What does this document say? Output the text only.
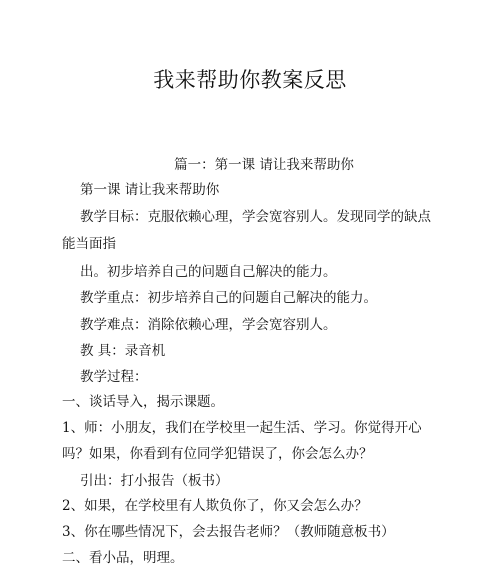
我来帮助你教案反思
篇一：第一课 请让我来帮助你
第一课 请让我来帮助你
教学目标：克服依赖心理，学会宽容别人。发现同学的缺点
能当面指
出。初步培养自己的问题自己解决的能力。
教学重点：初步培养自己的问题自己解决的能力。
教学难点：消除依赖心理，学会宽容别人。
教 具：录音机
教学过程：
一、谈话导入，揭示课题。
1、师：小朋友，我们在学校里一起生活、学习。你觉得开心
吗？如果，你看到有位同学犯错误了，你会怎么办？
引出：打小报告（板书）
2、如果，在学校里有人欺负你了，你又会怎么办？
3、你在哪些情况下，会去报告老师？（教师随意板书）
二、看小品，明理。
